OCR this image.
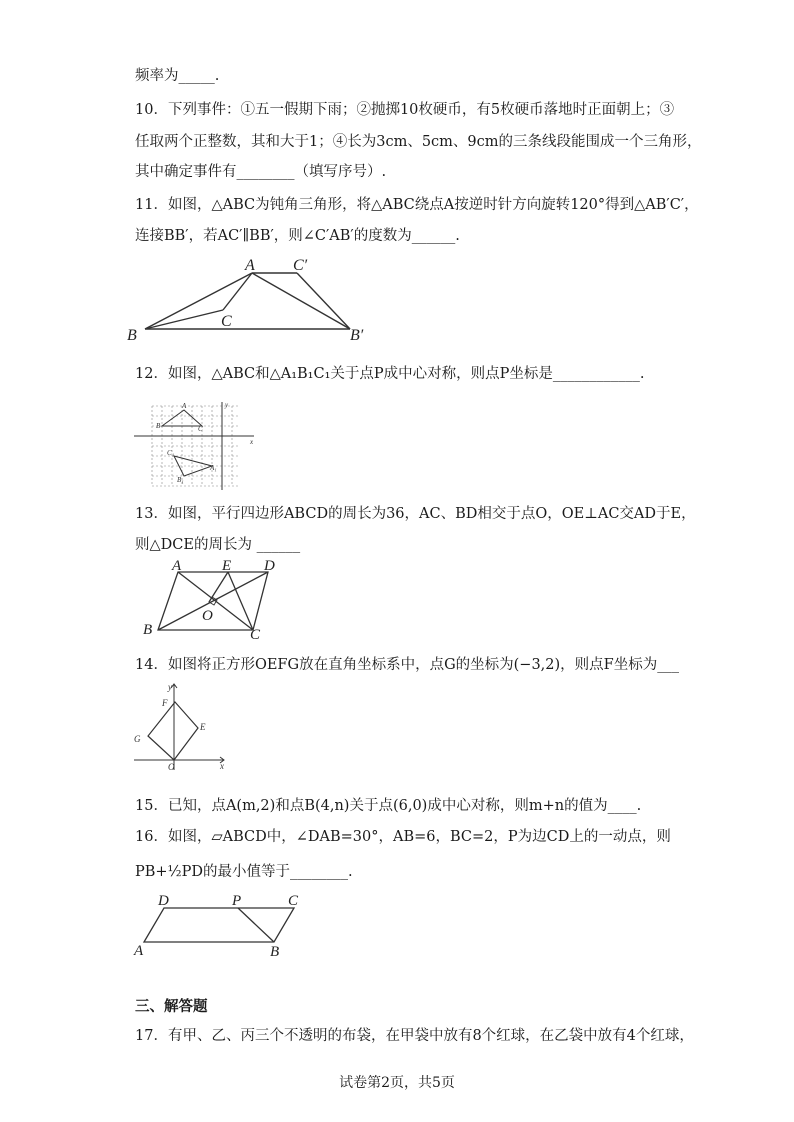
频率为_____.
10．下列事件：①五一假期下雨；②抛掷10枚硬币，有5枚硬币落地时正面朝上；③
任取两个正整数，其和大于1；④长为3cm、5cm、9cm的三条线段能围成一个三角形，
其中确定事件有________（填写序号）.
11．如图，△ABC为钝角三角形，将△ABC绕点A按逆时针方向旋转120°得到△AB′C′，
连接BB′，若AC′∥BB′，则∠C′AB′的度数为______.
A
B
C
B′
C′
12．如图，△ABC和△A₁B₁C₁关于点P成中心对称，则点P坐标是____________.
A
B	C
A₁
B₁
C₁
x
y
13．如图，平行四边形ABCD的周长为36，AC、BD相交于点O，OE⊥AC交AD于E，
则△DCE的周长为 ______
A
B	C
D
E
O
14．如图将正方形OEFG放在直角坐标系中，点G的坐标为(−3,2)，则点F坐标为___
O
E
F
G
x
y
15．已知，点A(m,2)和点B(4,n)关于点(6,0)成中心对称，则m+n的值为____.
16．如图，▱ABCD中，∠DAB=30°，AB=6，BC=2，P为边CD上的一动点，则
PB+½PD的最小值等于________.
A	B
C
D	P
三、解答题
17．有甲、乙、丙三个不透明的布袋，在甲袋中放有8个红球，在乙袋中放有4个红球，
试卷第2页，共5页
